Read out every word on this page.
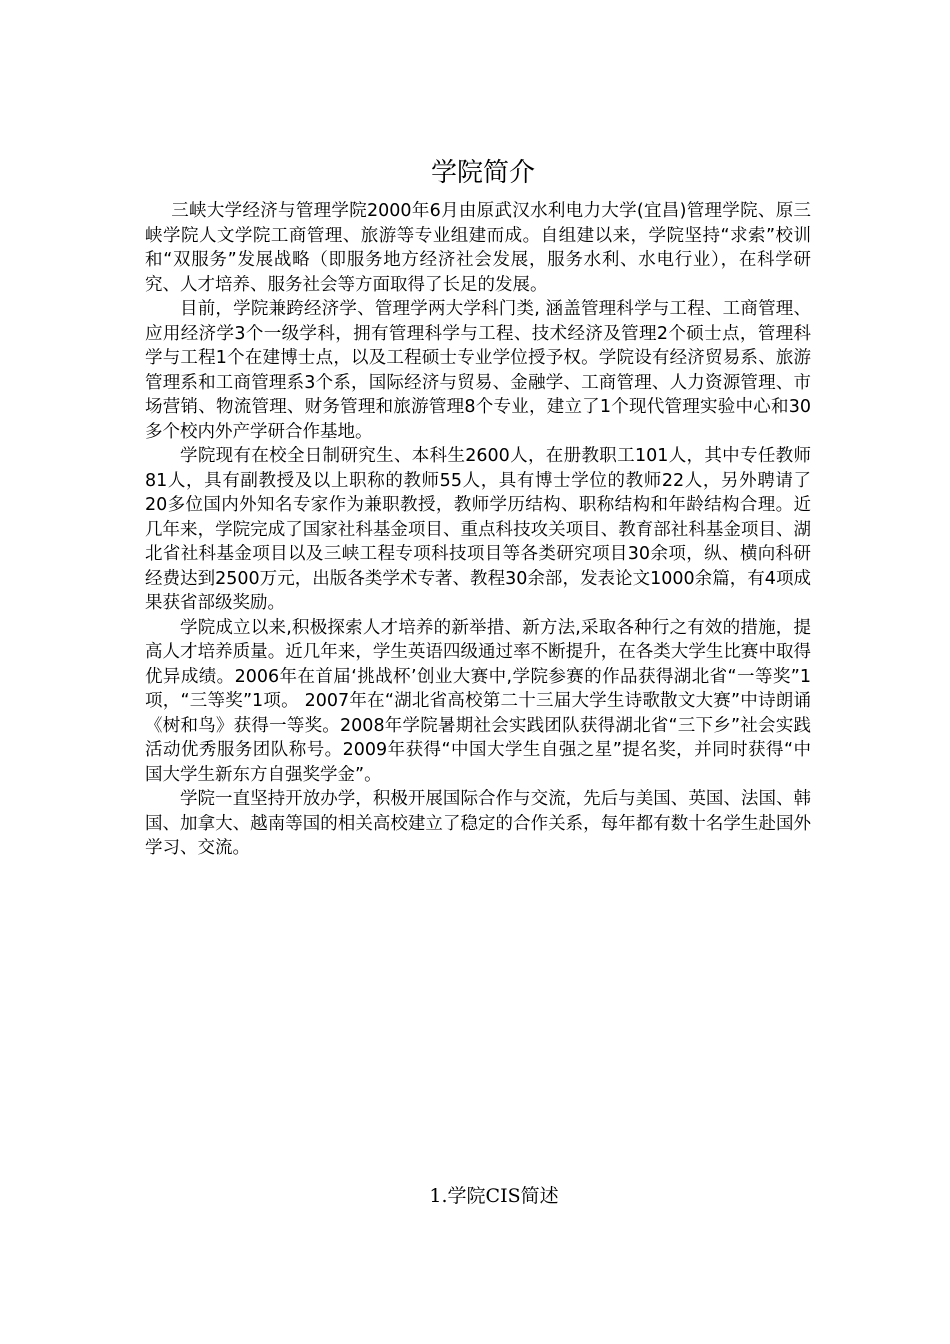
学院简介

三峡大学经济与管理学院2000年6月由原武汉水利电力大学(宜昌)管理学院、原三峡学院人文学院工商管理、旅游等专业组建而成。自组建以来，学院坚持“求索”校训和“双服务”发展战略（即服务地方经济社会发展，服务水利、水电行业），在科学研究、人才培养、服务社会等方面取得了长足的发展。

目前，学院兼跨经济学、管理学两大学科门类, 涵盖管理科学与工程、工商管理、应用经济学3个一级学科，拥有管理科学与工程、技术经济及管理2个硕士点，管理科学与工程1个在建博士点，以及工程硕士专业学位授予权。学院设有经济贸易系、旅游管理系和工商管理系3个系，国际经济与贸易、金融学、工商管理、人力资源管理、市场营销、物流管理、财务管理和旅游管理8个专业，建立了1个现代管理实验中心和30多个校内外产学研合作基地。

学院现有在校全日制研究生、本科生2600人，在册教职工101人，其中专任教师81人，具有副教授及以上职称的教师55人，具有博士学位的教师22人，另外聘请了20多位国内外知名专家作为兼职教授，教师学历结构、职称结构和年龄结构合理。近几年来，学院完成了国家社科基金项目、重点科技攻关项目、教育部社科基金项目、湖北省社科基金项目以及三峡工程专项科技项目等各类研究项目30余项，纵、横向科研经费达到2500万元，出版各类学术专著、教程30余部，发表论文1000余篇，有4项成果获省部级奖励。

学院成立以来,积极探索人才培养的新举措、新方法,采取各种行之有效的措施，提高人才培养质量。近几年来，学生英语四级通过率不断提升，在各类大学生比赛中取得优异成绩。2006年在首届‘挑战杯’创业大赛中,学院参赛的作品获得湖北省“一等奖”1项，“三等奖”1项。 2007年在“湖北省高校第二十三届大学生诗歌散文大赛”中诗朗诵《树和鸟》获得一等奖。2008年学院暑期社会实践团队获得湖北省“三下乡”社会实践活动优秀服务团队称号。2009年获得“中国大学生自强之星”提名奖，并同时获得“中国大学生新东方自强奖学金”。

学院一直坚持开放办学，积极开展国际合作与交流，先后与美国、英国、法国、韩国、加拿大、越南等国的相关高校建立了稳定的合作关系，每年都有数十名学生赴国外学习、交流。

1.学院CIS简述
